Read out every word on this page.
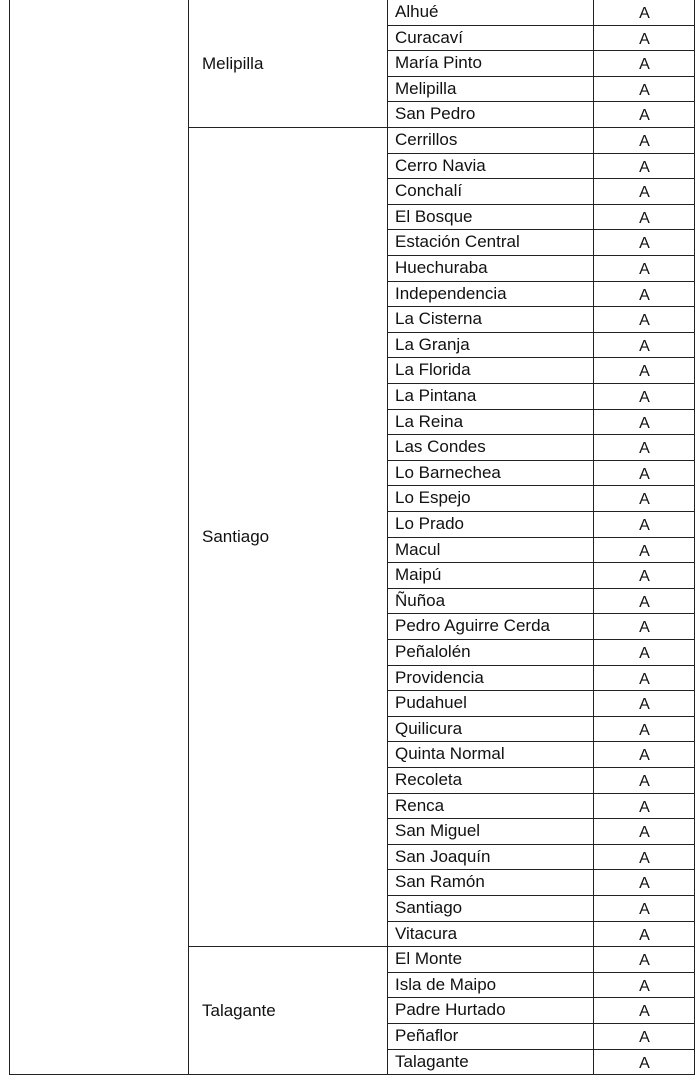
Melipilla
Alhué	A
Curacaví	A
María Pinto	A
Melipilla	A
San Pedro	A
Santiago
Cerrillos	A
Cerro Navia	A
Conchalí	A
El Bosque	A
Estación Central	A
Huechuraba	A
Independencia	A
La Cisterna	A
La Granja	A
La Florida	A
La Pintana	A
La Reina	A
Las Condes	A
Lo Barnechea	A
Lo Espejo	A
Lo Prado	A
Macul	A
Maipú	A
Ñuñoa	A
Pedro Aguirre Cerda	A
Peñalolén	A
Providencia	A
Pudahuel	A
Quilicura	A
Quinta Normal	A
Recoleta	A
Renca	A
San Miguel	A
San Joaquín	A
San Ramón	A
Santiago	A
Vitacura	A
Talagante
El Monte	A
Isla de Maipo	A
Padre Hurtado	A
Peñaflor	A
Talagante	A
